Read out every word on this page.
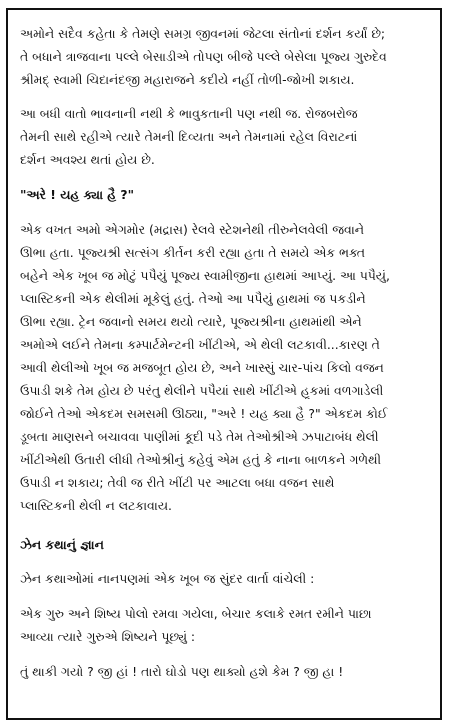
અમોને સદૈવ કહેતા કે તેમણે સમગ્ર જીવનમાં જેટલા સંતોનાં દર્શન કર્યાં છે;
તે બધાને ત્રાજવાના પલ્લે બેસાડીએ તોપણ બીજે પલ્લે બેસેલા પૂજ્ય ગુરુદેવ
શ્રીમદ્ સ્વામી ચિદાનંદજી મહારાજને કદીયે નહીં તોળી-જોખી શકાય.
આ બધી વાતો ભાવનાની નથી કે ભાવુકતાની પણ નથી જ. રોજબરોજ
તેમની સાથે રહીએ ત્યારે તેમની દિવ્યતા અને તેમનામાં રહેલ વિરાટનાં
દર્શન અવશ્ય થતાં હોય છે.
"અરે ! યહ ક્યા હૈ ?"
એક વખત અમો એગમોર (મદ્રાસ) રેલવે સ્ટેશનેથી તીરુનેલવેલી જવાને
ઊભા હતા. પૂજ્યશ્રી સત્સંગ કીર્તન કરી રહ્યા હતા તે સમયે એક ભક્ત
બહેને એક ખૂબ જ મોટું પપૈયું પૂજ્ય સ્વામીજીના હાથમાં આપ્યું. આ પપૈયું,
પ્લાસ્ટિકની એક થેલીમાં મૂકેલું હતું. તેઓ આ પપૈયું હાથમાં જ પકડીને
ઊભા રહ્યા. ટ્રેન જવાનો સમય થયો ત્યારે, પૂજ્યશ્રીના હાથમાંથી એને
અમોએ લઈને તેમના કમ્પાર્ટમેન્ટની ખીંટીએ, એ થેલી લટકાવી...કારણ તે
આવી થેલીઓ ખૂબ જ મજબૂત હોય છે, અને ખાસ્સું ચાર-પાંચ કિલો વજન
ઉપાડી શકે તેમ હોય છે પરંતુ થેલીને પપૈયાં સાથે ખીંટીએ હૂકમાં વળગાડેલી
જોઈને તેઓ એકદમ સમસમી ઊઠ્યા, "અરે ! યહ ક્યા હૈ ?" એકદમ કોઈ
ડૂબતા માણસને બચાવવા પાણીમાં કૂદી પડે તેમ તેઓશ્રીએ ઝપાટાબંધ થેલી
ખીંટીએથી ઉતારી લીધી તેઓશ્રીનું કહેવું એમ હતું કે નાના બાળકને ગળેથી
ઉપાડી ન શકાય; તેવી જ રીતે ખીંટી પર આટલા બધા વજન સાથે
પ્લાસ્ટિકની થેલી ન લટકાવાય.
ઝેન કથાનું જ્ઞાન
ઝેન કથાઓમાં નાનપણમાં એક ખૂબ જ સુંદર વાર્તા વાંચેલી :
એક ગુરુ અને શિષ્ય પોલો રમવા ગયેલા, બેચાર કલાકે રમત રમીને પાછા
આવ્યા ત્યારે ગુરુએ શિષ્યને પૂછ્યું :
તું થાકી ગયો ? જી હાં ! તારો ઘોડો પણ થાક્યો હશે કેમ ? જી હા !
